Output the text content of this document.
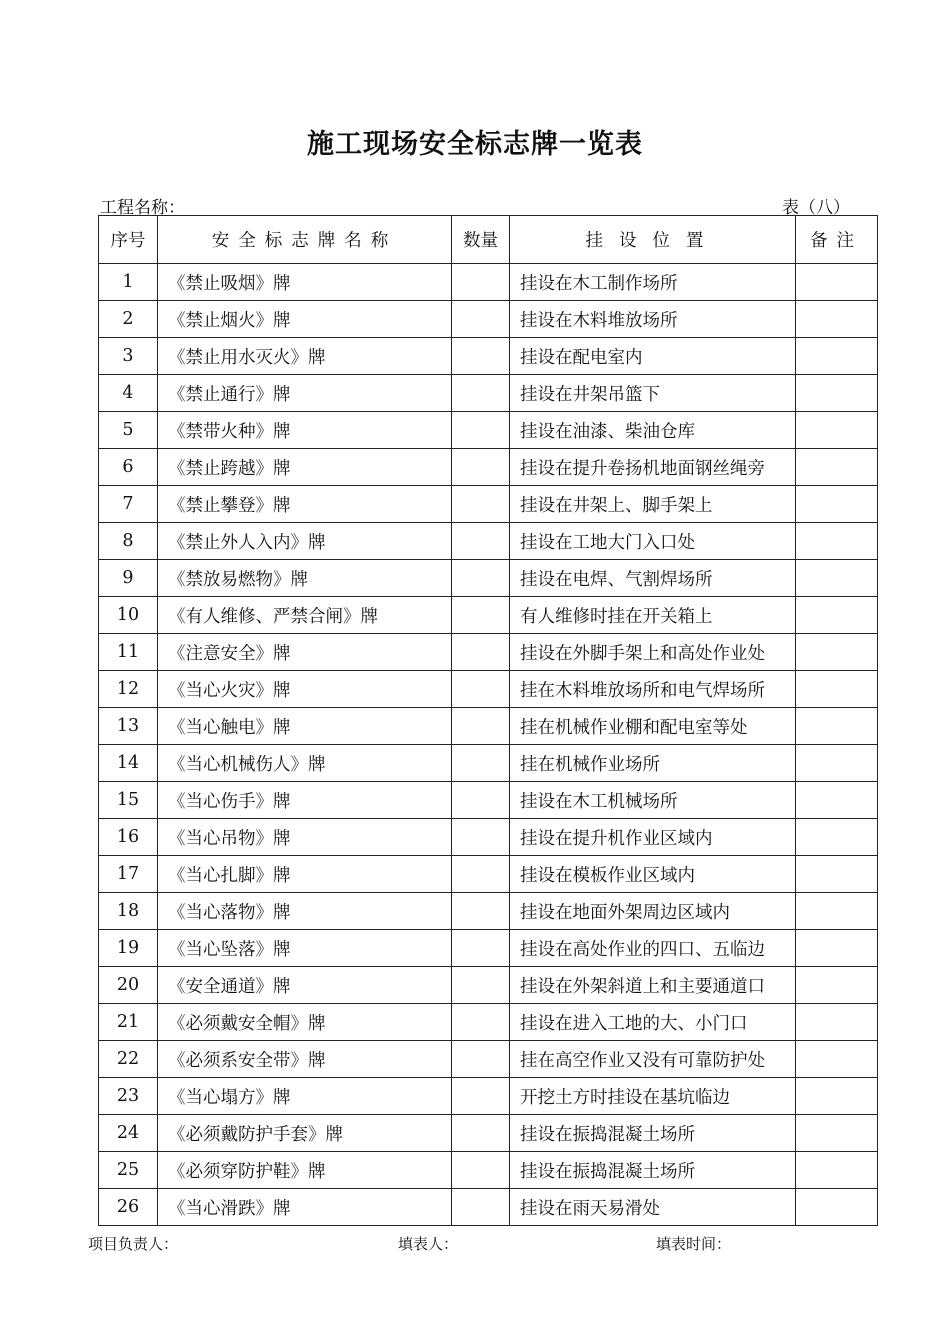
施工现场安全标志牌一览表
工程名称：	表（八）
序号	安全标志牌名称	数量	挂设位置	备注
1	《禁止吸烟》牌		挂设在木工制作场所	
2	《禁止烟火》牌		挂设在木料堆放场所	
3	《禁止用水灭火》牌		挂设在配电室内	
4	《禁止通行》牌		挂设在井架吊篮下	
5	《禁带火种》牌		挂设在油漆、柴油仓库	
6	《禁止跨越》牌		挂设在提升卷扬机地面钢丝绳旁	
7	《禁止攀登》牌		挂设在井架上、脚手架上	
8	《禁止外人入内》牌		挂设在工地大门入口处	
9	《禁放易燃物》牌		挂设在电焊、气割焊场所	
10	《有人维修、严禁合闸》牌		有人维修时挂在开关箱上	
11	《注意安全》牌		挂设在外脚手架上和高处作业处	
12	《当心火灾》牌		挂在木料堆放场所和电气焊场所	
13	《当心触电》牌		挂在机械作业棚和配电室等处	
14	《当心机械伤人》牌		挂在机械作业场所	
15	《当心伤手》牌		挂设在木工机械场所	
16	《当心吊物》牌		挂设在提升机作业区域内	
17	《当心扎脚》牌		挂设在模板作业区域内	
18	《当心落物》牌		挂设在地面外架周边区域内	
19	《当心坠落》牌		挂设在高处作业的四口、五临边	
20	《安全通道》牌		挂设在外架斜道上和主要通道口	
21	《必须戴安全帽》牌		挂设在进入工地的大、小门口	
22	《必须系安全带》牌		挂在高空作业又没有可靠防护处	
23	《当心塌方》牌		开挖土方时挂设在基坑临边	
24	《必须戴防护手套》牌		挂设在振捣混凝土场所	
25	《必须穿防护鞋》牌		挂设在振捣混凝土场所	
26	《当心滑跌》牌		挂设在雨天易滑处	
项目负责人：	填表人：	填表时间：
